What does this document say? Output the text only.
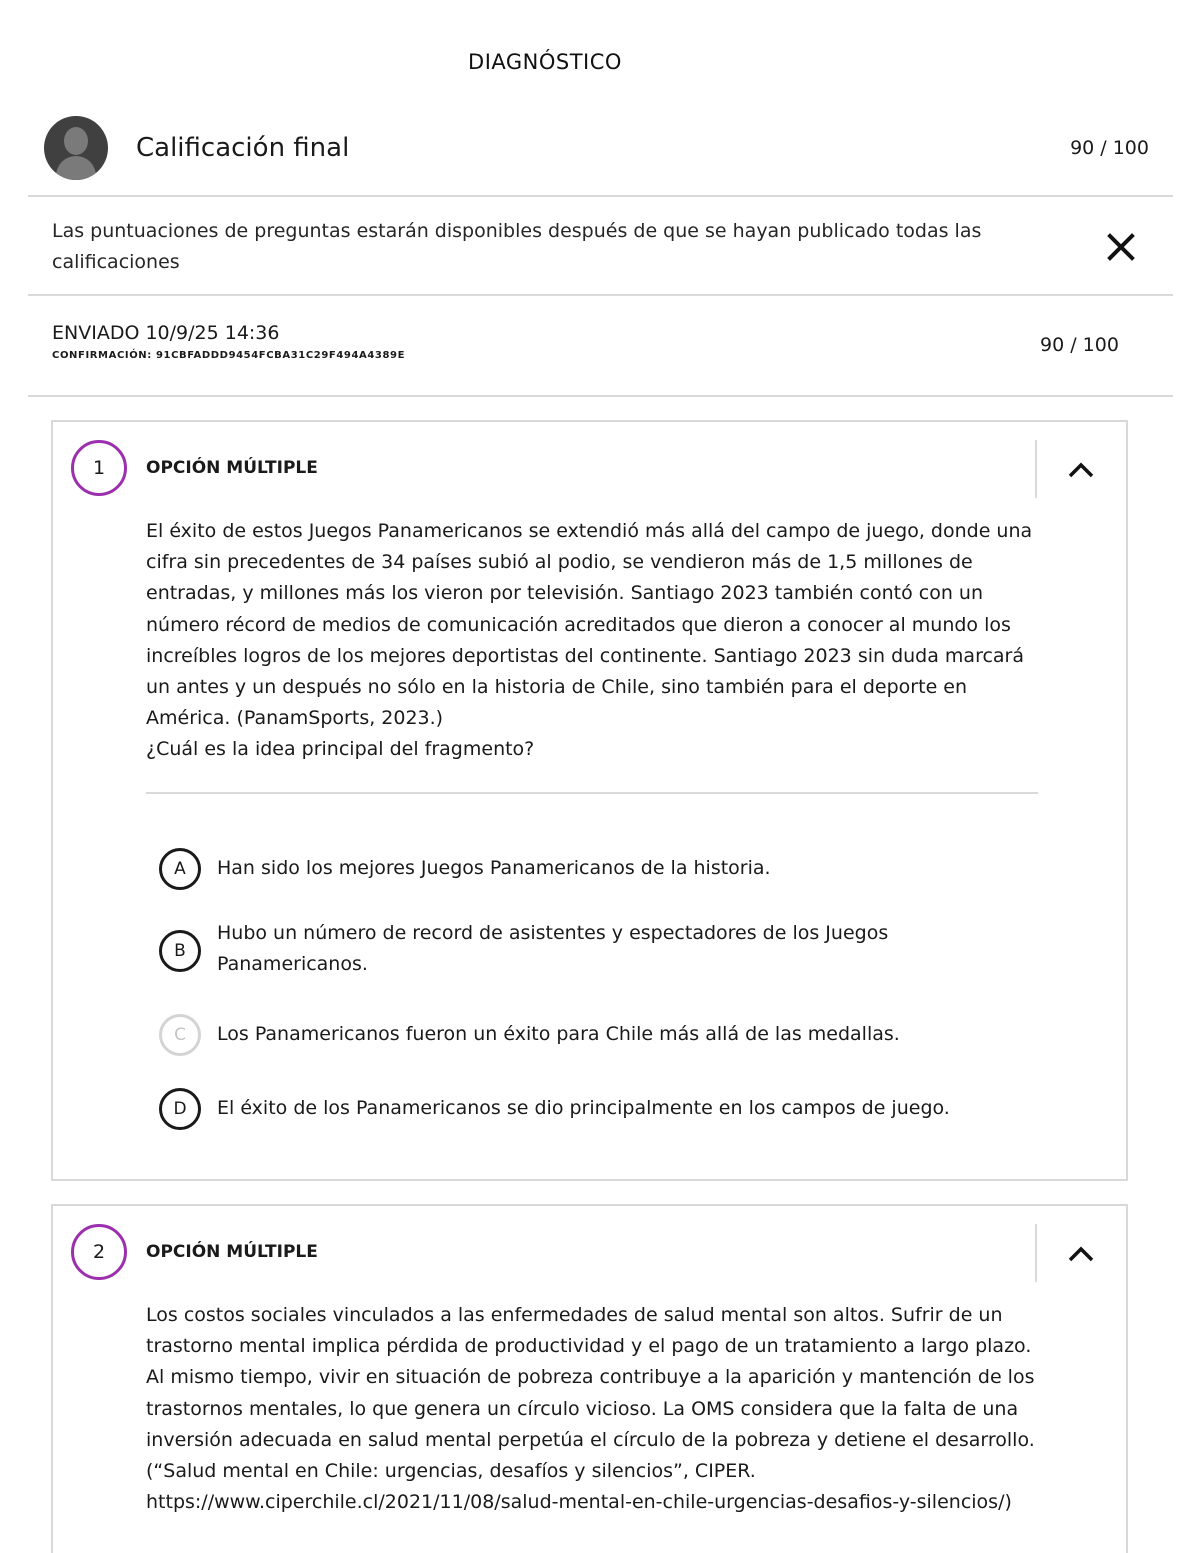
DIAGNÓSTICO
Calificación final	90 / 100
Las puntuaciones de preguntas estarán disponibles después de que se hayan publicado todas las calificaciones
ENVIADO 10/9/25 14:36
CONFIRMACIÓN: 91CBFADDD9454FCBA31C29F494A4389E	90 / 100
1	OPCIÓN MÚLTIPLE

El éxito de estos Juegos Panamericanos se extendió más allá del campo de juego, donde una cifra sin precedentes de 34 países subió al podio, se vendieron más de 1,5 millones de entradas, y millones más los vieron por televisión. Santiago 2023 también contó con un número récord de medios de comunicación acreditados que dieron a conocer al mundo los increíbles logros de los mejores deportistas del continente. Santiago 2023 sin duda marcará un antes y un después no sólo en la historia de Chile, sino también para el deporte en América. (PanamSports, 2023.)

¿Cuál es la idea principal del fragmento?

A	Han sido los mejores Juegos Panamericanos de la historia.
B
Hubo un número de record de asistentes y espectadores de los Juegos Panamericanos.
C	Los Panamericanos fueron un éxito para Chile más allá de las medallas.
D	El éxito de los Panamericanos se dio principalmente en los campos de juego.
2	OPCIÓN MÚLTIPLE

Los costos sociales vinculados a las enfermedades de salud mental son altos. Sufrir de un trastorno mental implica pérdida de productividad y el pago de un tratamiento a largo plazo. Al mismo tiempo, vivir en situación de pobreza contribuye a la aparición y mantención de los trastornos mentales, lo que genera un círculo vicioso. La OMS considera que la falta de una inversión adecuada en salud mental perpetúa el círculo de la pobreza y detiene el desarrollo. (“Salud mental en Chile: urgencias, desafíos y silencios”, CIPER. https://www.ciperchile.cl/2021/11/08/salud-mental-en-chile-urgencias-desafios-y-silencios/)
